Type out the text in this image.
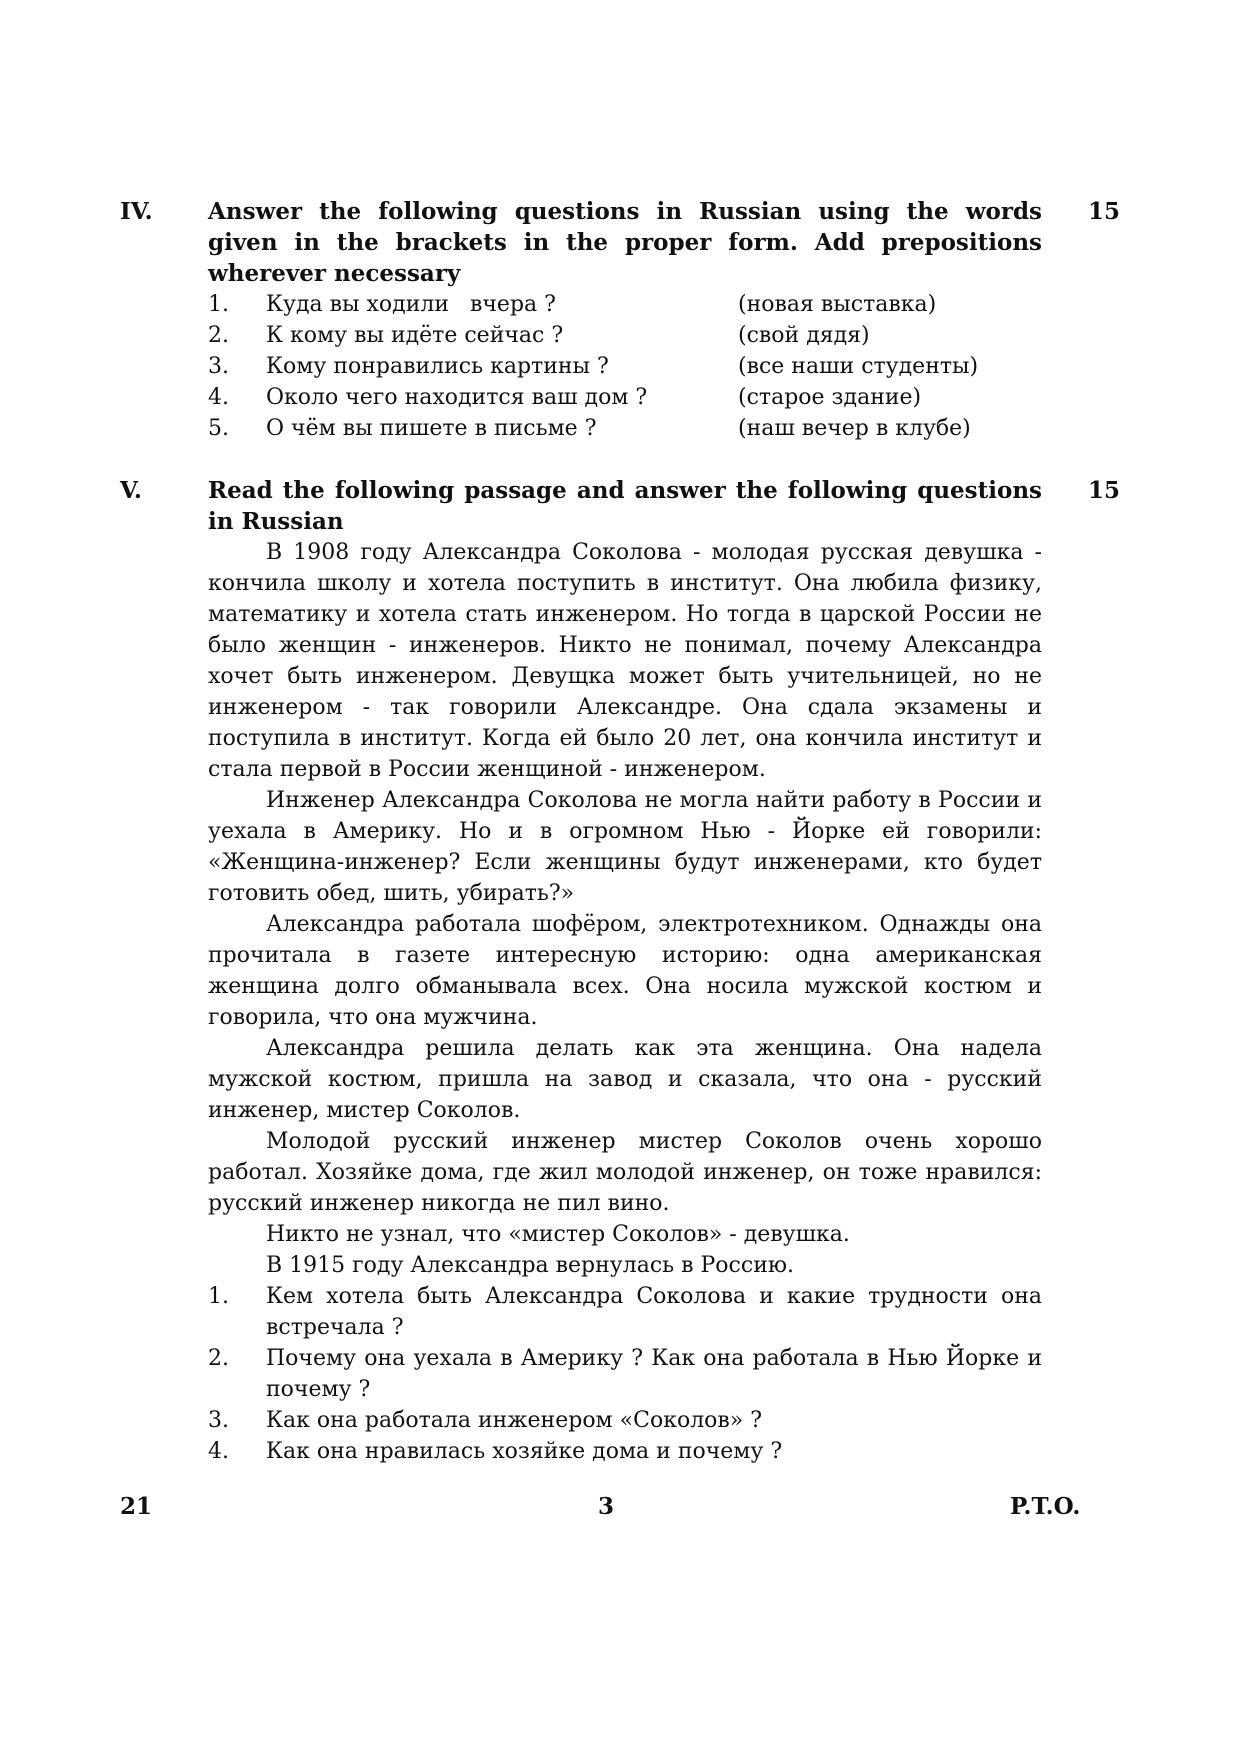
IV.	15
Answer the following questions in Russian using the words given in the brackets in the proper form. Add prepositions wherever necessary
1. Куда вы ходили   вчера ?	(новая выставка)
2. К кому вы идёте сейчас ?	(свой дядя)
3. Кому понравились картины ?	(все наши студенты)
4. Около чего находится ваш дом ?	(старое здание)
5. О чём вы пишете в письме ?	(наш вечер в клубе)
V.	15
Read the following passage and answer the following questions in Russian

В 1908 году Александра Соколова - молодая русская девушка - кончила школу и хотела поступить в институт. Она любила физику, математику и хотела стать инженером. Но тогда в царской России не было женщин - инженеров. Никто не понимал, почему Александра хочет быть инженером. Девущка может быть учительницей, но не инженером - так говорили Александре. Она сдала экзамены и поступила в институт. Когда ей было 20 лет, она кончила институт и стала первой в России женщиной - инженером.

Инженер Александра Соколова не могла найти работу в России и уехала в Америку. Но и в огромном Нью - Йорке ей говорили: «Женщина-инженер? Если женщины будут инженерами, кто будет готовить обед, шить, убирать?»

Александра работала шофёром, электротехником. Однажды она прочитала в газете интересную историю: одна американская женщина долго обманывала всех. Она носила мужской костюм и говорила, что она мужчина.

Александра решила делать как эта женщина. Она надела мужской костюм, пришла на завод и сказала, что она - русский инженер, мистер Соколов.

Молодой русский инженер мистер Соколов очень хорошо работал. Хозяйке дома, где жил молодой инженер, он тоже нравился: русский инженер никогда не пил вино.

Никто не узнал, что «мистер Соколов» - девушка.

В 1915 году Александра вернулась в Россию.

1. Кем хотела быть Александра Соколова и какие трудности она встречала ?
2. Почему она уехала в Америку ? Как она работала в Нью Йорке и почему ?
3. Как она работала инженером «Соколов» ?
4. Как она нравилась хозяйке дома и почему ?
21	3	P.T.O.
